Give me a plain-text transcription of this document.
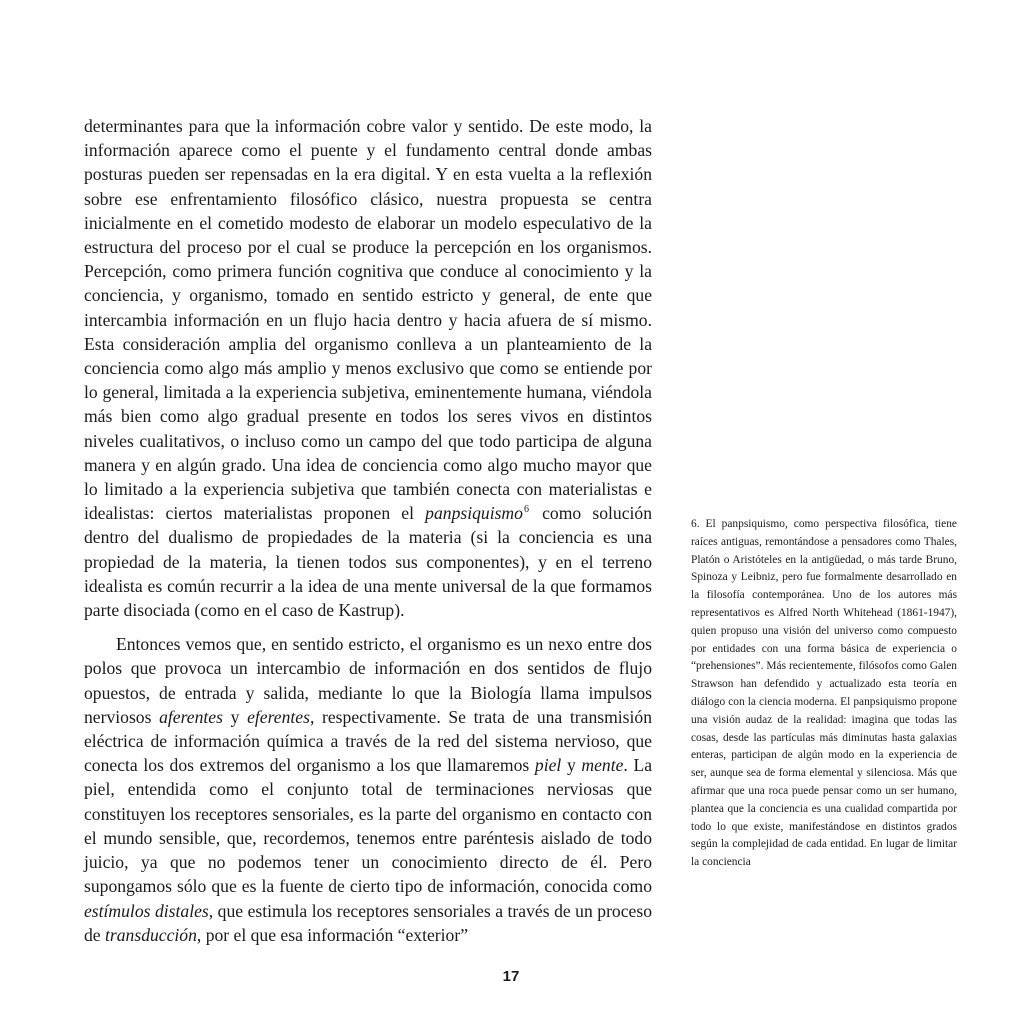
determinantes para que la información cobre valor y sentido. De este modo, la información aparece como el puente y el fundamento central donde ambas posturas pueden ser repensadas en la era digital. Y en esta vuelta a la reflexión sobre ese enfrentamiento filosófico clásico, nuestra propuesta se centra inicialmente en el cometido modesto de elaborar un modelo especulativo de la estructura del proceso por el cual se produce la percepción en los organismos. Percepción, como primera función cognitiva que conduce al conocimiento y la conciencia, y organismo, tomado en sentido estricto y general, de ente que intercambia información en un flujo hacia dentro y hacia afuera de sí mismo. Esta consideración amplia del organismo conlleva a un planteamiento de la conciencia como algo más amplio y menos exclusivo que como se entiende por lo general, limitada a la experiencia subjetiva, eminentemente humana, viéndola más bien como algo gradual presente en todos los seres vivos en distintos niveles cualitativos, o incluso como un campo del que todo participa de alguna manera y en algún grado. Una idea de conciencia como algo mucho mayor que lo limitado a la experiencia subjetiva que también conecta con materialistas e idealistas: ciertos materialistas proponen el panpsiquismo$^6$ como solución dentro del dualismo de propiedades de la materia (si la conciencia es una propiedad de la materia, la tienen todos sus componentes), y en el terreno idealista es común recurrir a la idea de una mente universal de la que formamos parte disociada (como en el caso de Kastrup).

Entonces vemos que, en sentido estricto, el organismo es un nexo entre dos polos que provoca un intercambio de información en dos sentidos de flujo opuestos, de entrada y salida, mediante lo que la Biología llama impulsos nerviosos aferentes y eferentes, respectivamente. Se trata de una transmisión eléctrica de información química a través de la red del sistema nervioso, que conecta los dos extremos del organismo a los que llamaremos piel y mente. La piel, entendida como el conjunto total de terminaciones nerviosas que constituyen los receptores sensoriales, es la parte del organismo en contacto con el mundo sensible, que, recordemos, tenemos entre paréntesis aislado de todo juicio, ya que no podemos tener un conocimiento directo de él. Pero supongamos sólo que es la fuente de cierto tipo de información, conocida como estímulos distales, que estimula los receptores sensoriales a través de un proceso de transducción, por el que esa información “exterior”

6. El panpsiquismo, como perspectiva filosófica, tiene raíces antiguas, remontándose a pensadores como Thales, Platón o Aristóteles en la antigüedad, o más tarde Bruno, Spinoza y Leibniz, pero fue formalmente desarrollado en la filosofía contemporánea. Uno de los autores más representativos es Alfred North Whitehead (1861-1947), quien propuso una visión del universo como compuesto por entidades con una forma básica de experiencia o “prehensiones”. Más recientemente, filósofos como Galen Strawson han defendido y actualizado esta teoría en diálogo con la ciencia moderna. El panpsiquismo propone una visión audaz de la realidad: imagina que todas las cosas, desde las partículas más diminutas hasta galaxias enteras, participan de algún modo en la experiencia de ser, aunque sea de forma elemental y silenciosa. Más que afirmar que una roca puede pensar como un ser humano, plantea que la conciencia es una cualidad compartida por todo lo que existe, manifestándose en distintos grados según la complejidad de cada entidad. En lugar de limitar la conciencia

17
